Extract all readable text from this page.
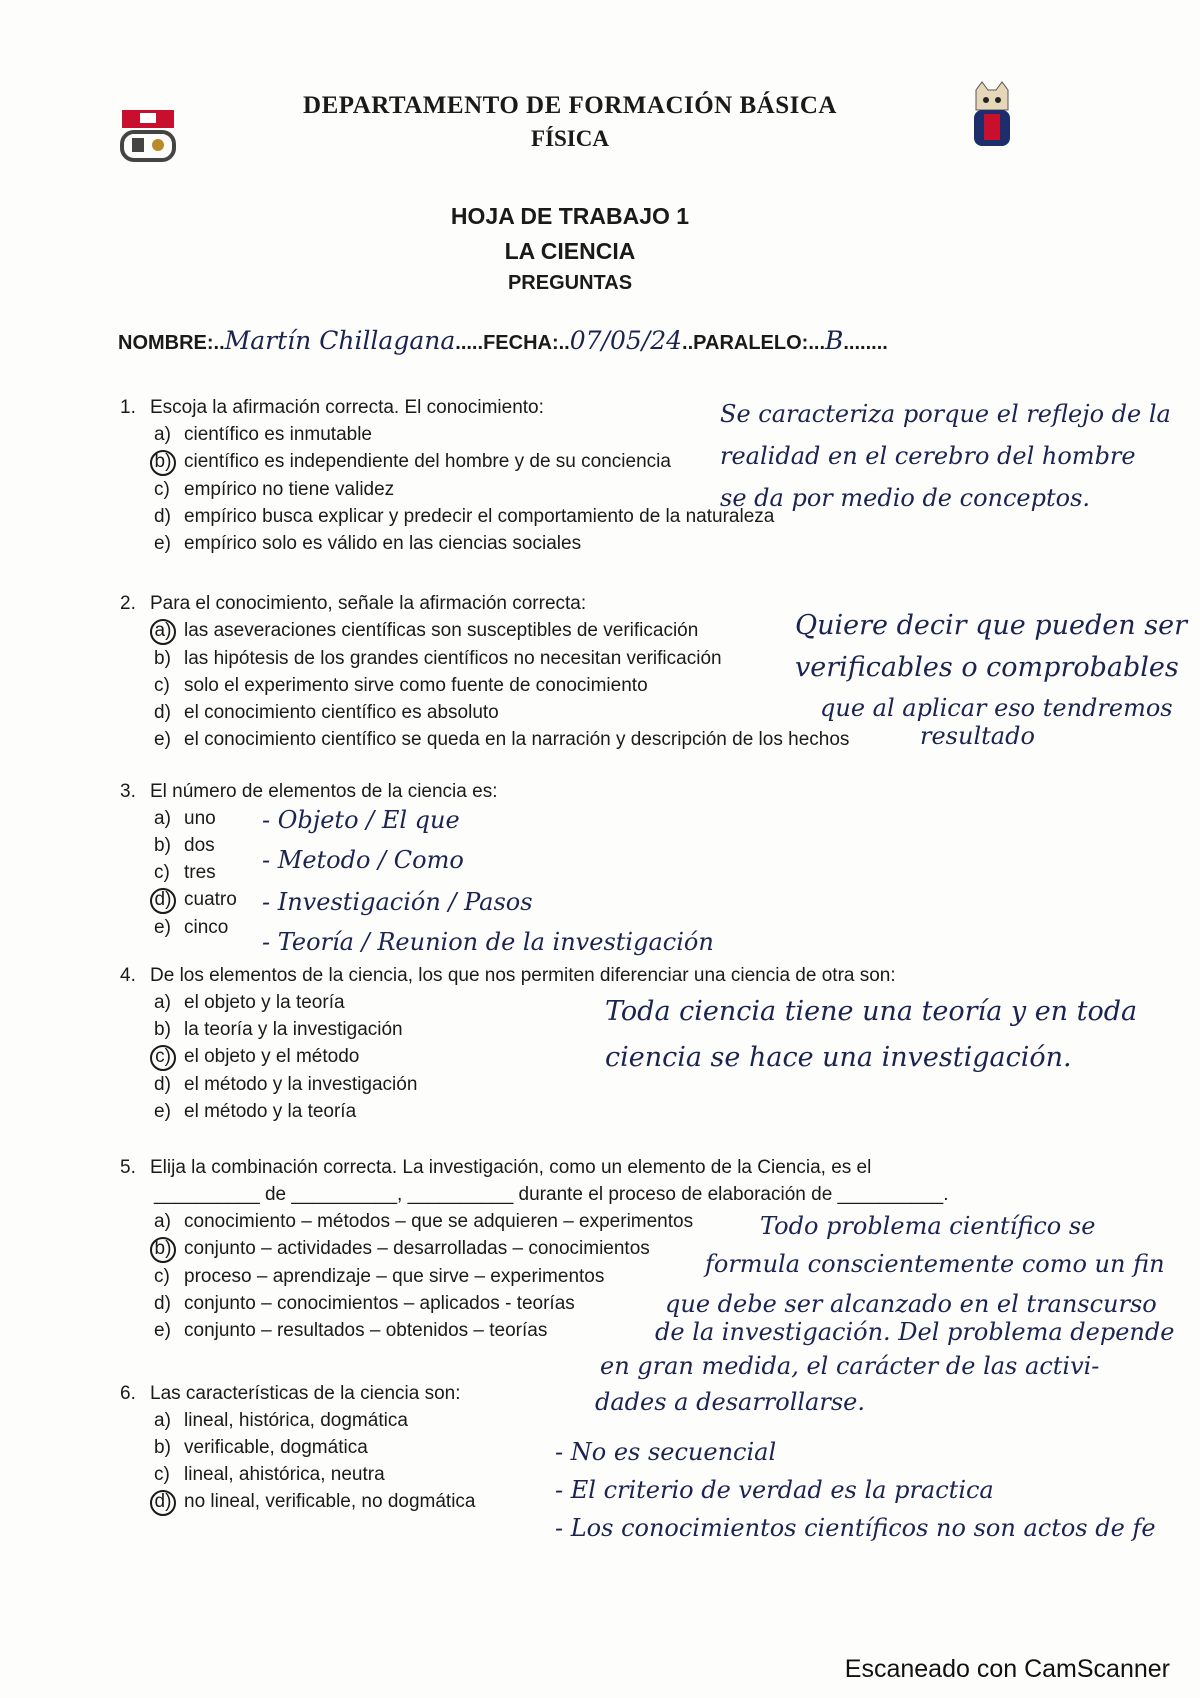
DEPARTAMENTO DE FORMACIÓN BÁSICA
FÍSICA
HOJA DE TRABAJO 1
LA CIENCIA
PREGUNTAS
NOMBRE:..Martín Chillagana.....FECHA:..07/05/24..PARALELO:...B........
1. Escoja la afirmación correcta. El conocimiento:
a) científico es inmutable
b) científico es independiente del hombre y de su conciencia
c) empírico no tiene validez
d) empírico busca explicar y predecir el comportamiento de la naturaleza
e) empírico solo es válido en las ciencias sociales
Se caracteriza porque el reflejo de la
realidad en el cerebro del hombre
se da por medio de conceptos.
2. Para el conocimiento, señale la afirmación correcta:
a) las aseveraciones científicas son susceptibles de verificación
b) las hipótesis de los grandes científicos no necesitan verificación
c) solo el experimento sirve como fuente de conocimiento
d) el conocimiento científico es absoluto
e) el conocimiento científico se queda en la narración y descripción de los hechos
Quiere decir que pueden ser
verificables o comprobables
que al aplicar eso tendremos
resultado
3. El número de elementos de la ciencia es:
a) uno
b) dos
c) tres
d) cuatro
e) cinco
- Objeto / El que
- Metodo / Como
- Investigación / Pasos
- Teoría / Reunion de la investigación
4. De los elementos de la ciencia, los que nos permiten diferenciar una ciencia de otra son:
a) el objeto y la teoría
b) la teoría y la investigación
c) el objeto y el método
d) el método y la investigación
e) el método y la teoría
Toda ciencia tiene una teoría y en toda
ciencia se hace una investigación.
5. Elija la combinación correcta. La investigación, como un elemento de la Ciencia, es el
__________ de __________, __________ durante el proceso de elaboración de __________.
a) conocimiento – métodos – que se adquieren – experimentos
b) conjunto – actividades – desarrolladas – conocimientos
c) proceso – aprendizaje – que sirve – experimentos
d) conjunto – conocimientos – aplicados - teorías
e) conjunto – resultados – obtenidos – teorías
Todo problema científico se
formula conscientemente como un fin
que debe ser alcanzado en el transcurso
de la investigación. Del problema depende
en gran medida, el carácter de las activi-
dades a desarrollarse.
6. Las características de la ciencia son:
a) lineal, histórica, dogmática
b) verificable, dogmática
c) lineal, ahistórica, neutra
d) no lineal, verificable, no dogmática
- No es secuencial
- El criterio de verdad es la practica
- Los conocimientos científicos no son actos de fe
Escaneado con CamScanner
